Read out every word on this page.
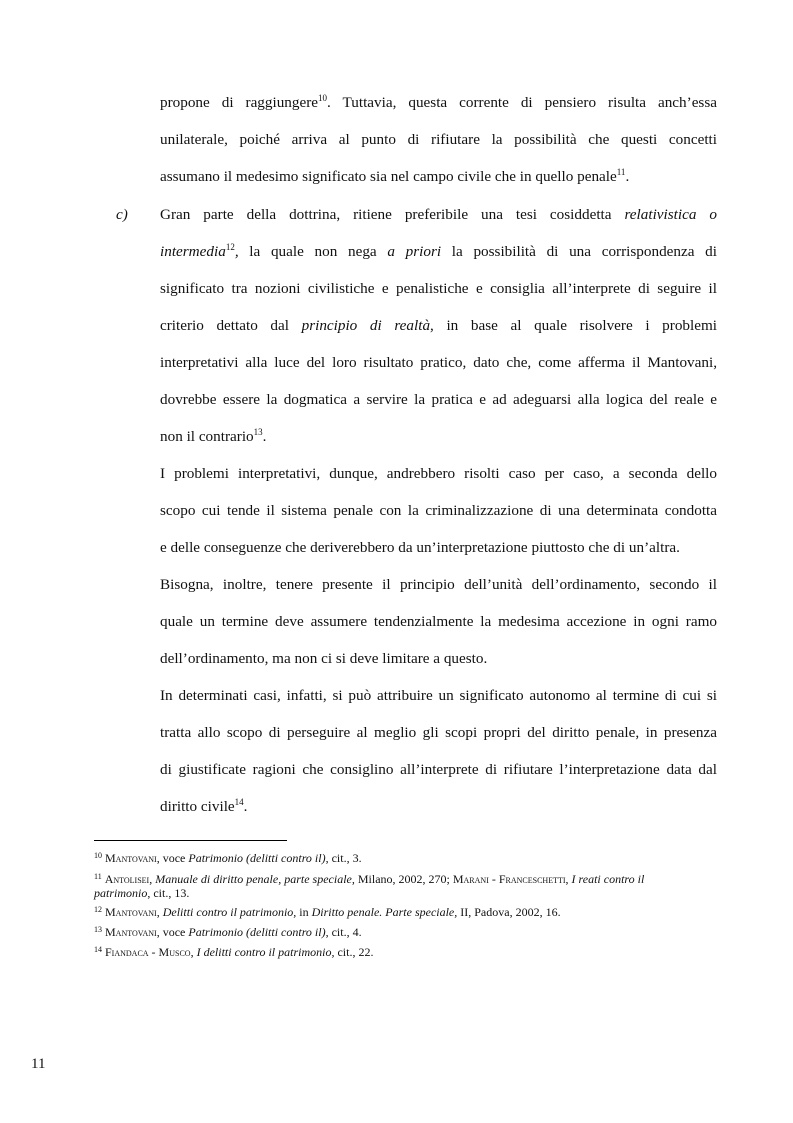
propone di raggiungere$^{10}$. Tuttavia, questa corrente di pensiero risulta anch’essa
unilaterale, poiché arriva al punto di rifiutare la possibilità che questi concetti
assumano il medesimo significato sia nel campo civile che in quello penale$^{11}$.
c) Gran parte della dottrina, ritiene preferibile una tesi cosiddetta relativistica o
intermedia$^{12}$, la quale non nega a priori la possibilità di una corrispondenza di
significato tra nozioni civilistiche e penalistiche e consiglia all’interprete di seguire il
criterio dettato dal principio di realtà, in base al quale risolvere i problemi
interpretativi alla luce del loro risultato pratico, dato che, come afferma il Mantovani,
dovrebbe essere la dogmatica a servire la pratica e ad adeguarsi alla logica del reale e
non il contrario$^{13}$.
I problemi interpretativi, dunque, andrebbero risolti caso per caso, a seconda dello
scopo cui tende il sistema penale con la criminalizzazione di una determinata condotta
e delle conseguenze che deriverebbero da un’interpretazione piuttosto che di un’altra.
Bisogna, inoltre, tenere presente il principio dell’unità dell’ordinamento, secondo il
quale un termine deve assumere tendenzialmente la medesima accezione in ogni ramo
dell’ordinamento, ma non ci si deve limitare a questo.
In determinati casi, infatti, si può attribuire un significato autonomo al termine di cui si
tratta allo scopo di perseguire al meglio gli scopi propri del diritto penale, in presenza
di giustificate ragioni che consiglino all’interprete di rifiutare l’interpretazione data dal
diritto civile$^{14}$.
$^{10}$ Mantovani, voce Patrimonio (delitti contro il), cit., 3.
$^{11}$ Antolisei, Manuale di diritto penale, parte speciale, Milano, 2002, 270; Marani - Franceschetti, I reati contro il patrimonio, cit., 13.
$^{12}$ Mantovani, Delitti contro il patrimonio, in Diritto penale. Parte speciale, II, Padova, 2002, 16.
$^{13}$ Mantovani, voce Patrimonio (delitti contro il), cit., 4.
$^{14}$ Fiandaca - Musco, I delitti contro il patrimonio, cit., 22.
11
